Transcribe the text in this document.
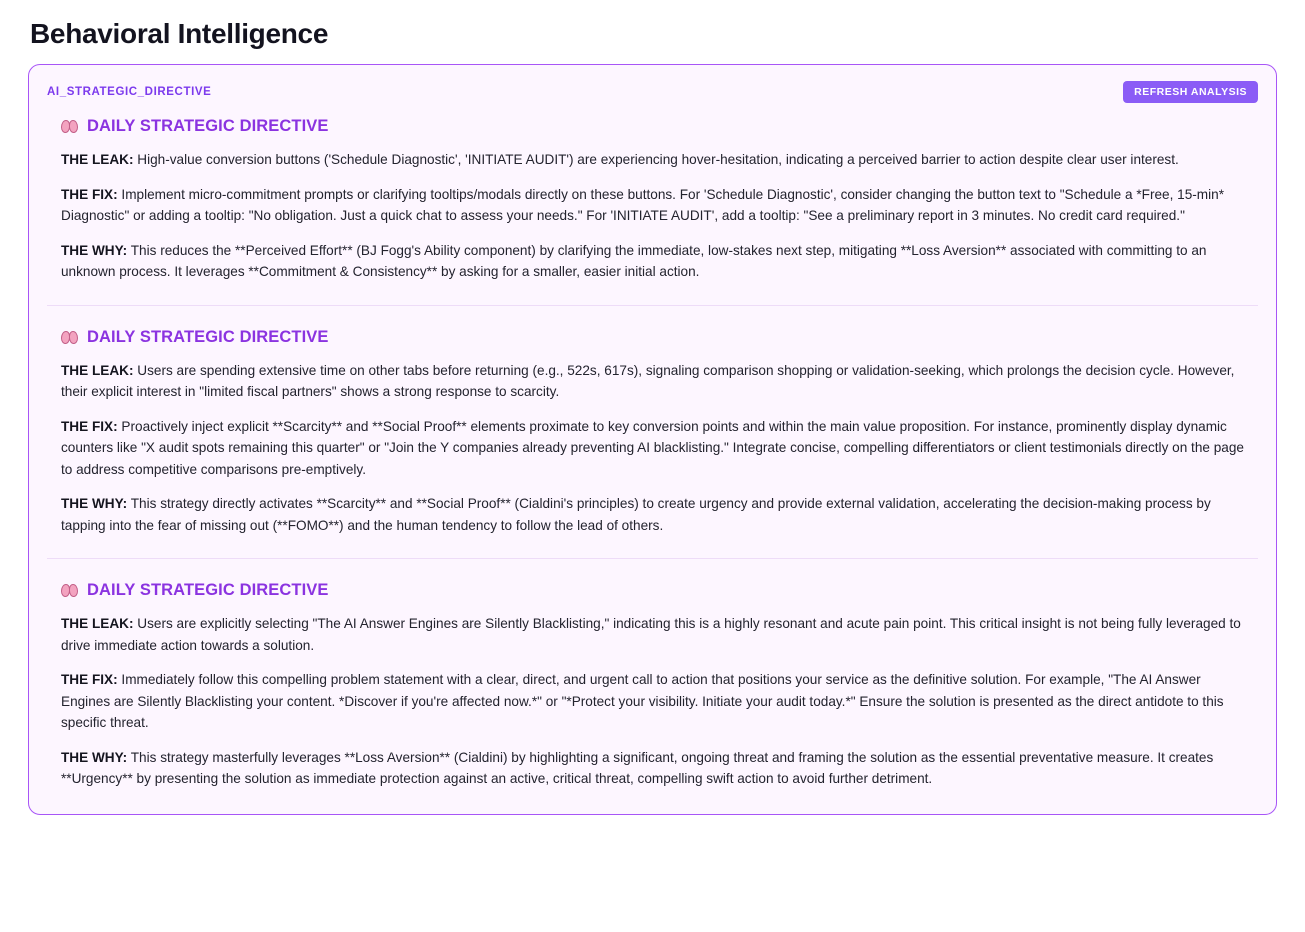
Behavioral Intelligence
AI_STRATEGIC_DIRECTIVE	REFRESH ANALYSIS
DAILY STRATEGIC DIRECTIVE

THE LEAK: High-value conversion buttons ('Schedule Diagnostic', 'INITIATE AUDIT') are experiencing hover-hesitation, indicating a perceived barrier to action despite clear user interest.

THE FIX: Implement micro-commitment prompts or clarifying tooltips/modals directly on these buttons. For 'Schedule Diagnostic', consider changing the button text to "Schedule a *Free, 15-min* Diagnostic" or adding a tooltip: "No obligation. Just a quick chat to assess your needs." For 'INITIATE AUDIT', add a tooltip: "See a preliminary report in 3 minutes. No credit card required."

THE WHY: This reduces the **Perceived Effort** (BJ Fogg's Ability component) by clarifying the immediate, low-stakes next step, mitigating **Loss Aversion** associated with committing to an unknown process. It leverages **Commitment & Consistency** by asking for a smaller, easier initial action.

DAILY STRATEGIC DIRECTIVE

THE LEAK: Users are spending extensive time on other tabs before returning (e.g., 522s, 617s), signaling comparison shopping or validation-seeking, which prolongs the decision cycle. However, their explicit interest in "limited fiscal partners" shows a strong response to scarcity.

THE FIX: Proactively inject explicit **Scarcity** and **Social Proof** elements proximate to key conversion points and within the main value proposition. For instance, prominently display dynamic counters like "X audit spots remaining this quarter" or "Join the Y companies already preventing AI blacklisting." Integrate concise, compelling differentiators or client testimonials directly on the page to address competitive comparisons pre-emptively.

THE WHY: This strategy directly activates **Scarcity** and **Social Proof** (Cialdini's principles) to create urgency and provide external validation, accelerating the decision-making process by tapping into the fear of missing out (**FOMO**) and the human tendency to follow the lead of others.

DAILY STRATEGIC DIRECTIVE

THE LEAK: Users are explicitly selecting "The AI Answer Engines are Silently Blacklisting," indicating this is a highly resonant and acute pain point. This critical insight is not being fully leveraged to drive immediate action towards a solution.

THE FIX: Immediately follow this compelling problem statement with a clear, direct, and urgent call to action that positions your service as the definitive solution. For example, "The AI Answer Engines are Silently Blacklisting your content. *Discover if you're affected now.*" or "*Protect your visibility. Initiate your audit today.*" Ensure the solution is presented as the direct antidote to this specific threat.

THE WHY: This strategy masterfully leverages **Loss Aversion** (Cialdini) by highlighting a significant, ongoing threat and framing the solution as the essential preventative measure. It creates **Urgency** by presenting the solution as immediate protection against an active, critical threat, compelling swift action to avoid further detriment.
